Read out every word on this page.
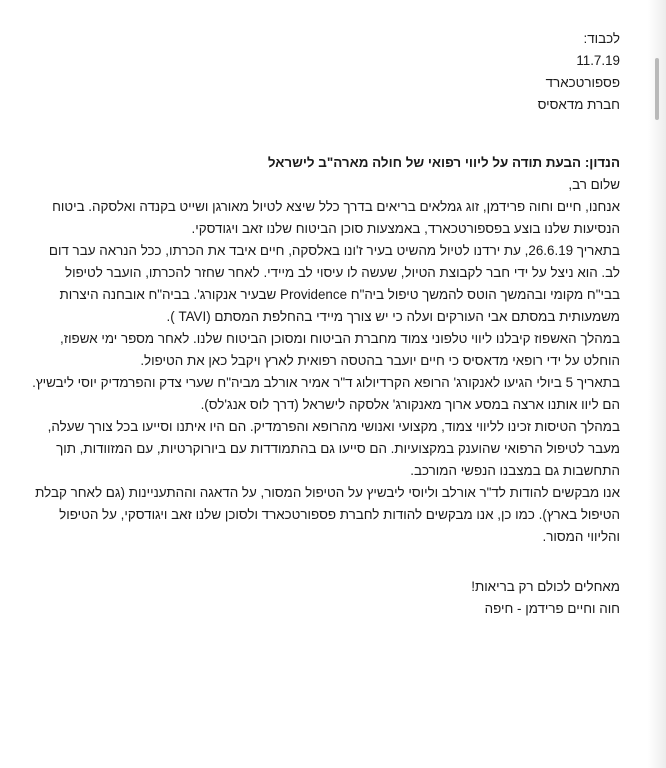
לכבוד:

11.7.19

פספורטכארד

חברת מדאסיס

הנדון: הבעת תודה על ליווי רפואי של חולה מארה"ב לישראל

שלום רב,

אנחנו, חיים וחוה פרידמן, זוג גמלאים בריאים בדרך כלל שיצא לטיול מאורגן ושייט בקנדה ואלסקה. ביטוח הנסיעות שלנו בוצע בפספורטכארד, באמצעות סוכן הביטוח שלנו זאב ויגודסקי.

בתאריך 26.6.19, עת ירדנו לטיול מהשיט בעיר ז'ונו באלסקה, חיים איבד את הכרתו, ככל הנראה עבר דום לב. הוא ניצל על ידי חבר לקבוצת הטיול, שעשה לו עיסוי לב מיידי. לאחר שחזר להכרתו, הועבר לטיפול בבי"ח מקומי ובהמשך הוטס להמשך טיפול ביה"ח Providence שבעיר אנקורג'. בביה"ח אובחנה היצרות משמעותית במסתם אבי העורקים ועלה כי יש צורך מיידי בהחלפת המסתם (TAVI ).

במהלך האשפוז קיבלנו ליווי טלפוני צמוד מחברת הביטוח ומסוכן הביטוח שלנו. לאחר מספר ימי אשפוז, הוחלט על ידי רופאי מדאסיס כי חיים יועבר בהטסה רפואית לארץ ויקבל כאן את הטיפול.

בתאריך 5 ביולי הגיעו לאנקורג' הרופא הקרדיולוג ד"ר אמיר אורלב מביה"ח שערי צדק והפרמדיק יוסי ליבשיץ. הם ליוו אותנו ארצה במסע ארוך מאנקורג' אלסקה לישראל (דרך לוס אנג'לס).

במהלך הטיסות זכינו לליווי צמוד, מקצועי ואנושי מהרופא והפרמדיק. הם היו איתנו וסייעו בכל צורך שעלה, מעבר לטיפול הרפואי שהוענק במקצועיות. הם סייעו גם בהתמודדות עם ביורוקרטיות, עם המזוודות, תוך התחשבות גם במצבנו הנפשי המורכב.

אנו מבקשים להודות לד"ר אורלב וליוסי ליבשיץ על הטיפול המסור, על הדאגה וההתעניינות (גם לאחר קבלת הטיפול בארץ). כמו כן, אנו מבקשים להודות לחברת פספורטכארד ולסוכן שלנו זאב ויגודסקי, על הטיפול והליווי המסור.

מאחלים לכולם רק בריאות!

חוה וחיים פרידמן - חיפה
